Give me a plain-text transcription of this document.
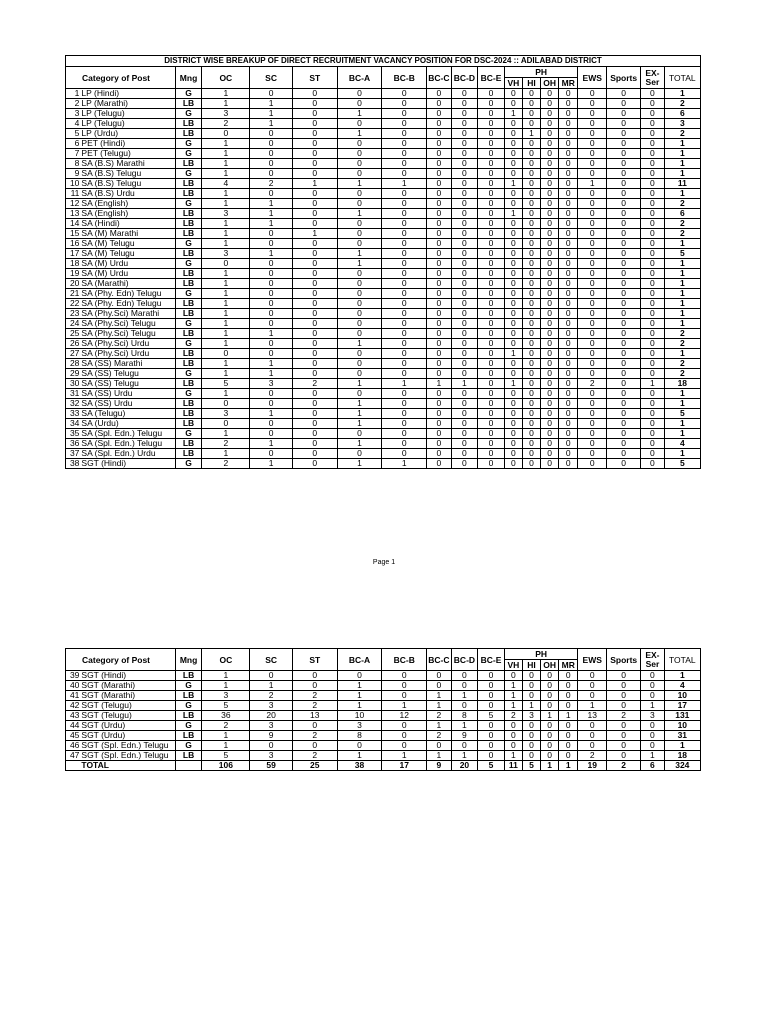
DISTRICT WISE BREAKUP OF DIRECT RECRUITMENT VACANCY POSITION FOR DSC-2024 :: ADILABAD DISTRICT																		
Category of Post		Mng	OC	SC	ST	BC-A	BC-B	BC-C	BC-D	BC-E	PH				EWS	Sports	EX-Ser	TOTAL
											VH	HI	OH	MR				
1	LP (Hindi)	G	1	0	0	0	0	0	0	0	0	0	0	0	0	0	0	1
2	LP (Marathi)	LB	1	1	0	0	0	0	0	0	0	0	0	0	0	0	0	2
3	LP (Telugu)	G	3	1	0	1	0	0	0	0	1	0	0	0	0	0	0	6
4	LP (Telugu)	LB	2	1	0	0	0	0	0	0	0	0	0	0	0	0	0	3
5	LP (Urdu)	LB	0	0	0	1	0	0	0	0	0	1	0	0	0	0	0	2
6	PET (Hindi)	G	1	0	0	0	0	0	0	0	0	0	0	0	0	0	0	1
7	PET (Telugu)	G	1	0	0	0	0	0	0	0	0	0	0	0	0	0	0	1
8	SA (B.S) Marathi	LB	1	0	0	0	0	0	0	0	0	0	0	0	0	0	0	1
9	SA (B.S) Telugu	G	1	0	0	0	0	0	0	0	0	0	0	0	0	0	0	1
10	SA (B.S) Telugu	LB	4	2	1	1	1	0	0	0	1	0	0	0	1	0	0	11
11	SA (B.S) Urdu	LB	1	0	0	0	0	0	0	0	0	0	0	0	0	0	0	1
12	SA (English)	G	1	1	0	0	0	0	0	0	0	0	0	0	0	0	0	2
13	SA (English)	LB	3	1	0	1	0	0	0	0	1	0	0	0	0	0	0	6
14	SA (Hindi)	LB	1	1	0	0	0	0	0	0	0	0	0	0	0	0	0	2
15	SA (M) Marathi	LB	1	0	1	0	0	0	0	0	0	0	0	0	0	0	0	2
16	SA (M) Telugu	G	1	0	0	0	0	0	0	0	0	0	0	0	0	0	0	1
17	SA (M) Telugu	LB	3	1	0	1	0	0	0	0	0	0	0	0	0	0	0	5
18	SA (M) Urdu	G	0	0	0	1	0	0	0	0	0	0	0	0	0	0	0	1
19	SA (M) Urdu	LB	1	0	0	0	0	0	0	0	0	0	0	0	0	0	0	1
20	SA (Marathi)	LB	1	0	0	0	0	0	0	0	0	0	0	0	0	0	0	1
21	SA (Phy. Edn) Telugu	G	1	0	0	0	0	0	0	0	0	0	0	0	0	0	0	1
22	SA (Phy. Edn) Telugu	LB	1	0	0	0	0	0	0	0	0	0	0	0	0	0	0	1
23	SA (Phy.Sci) Marathi	LB	1	0	0	0	0	0	0	0	0	0	0	0	0	0	0	1
24	SA (Phy.Sci) Telugu	G	1	0	0	0	0	0	0	0	0	0	0	0	0	0	0	1
25	SA (Phy.Sci) Telugu	LB	1	1	0	0	0	0	0	0	0	0	0	0	0	0	0	2
26	SA (Phy.Sci) Urdu	G	1	0	0	1	0	0	0	0	0	0	0	0	0	0	0	2
27	SA (Phy.Sci) Urdu	LB	0	0	0	0	0	0	0	0	1	0	0	0	0	0	0	1
28	SA (SS) Marathi	LB	1	1	0	0	0	0	0	0	0	0	0	0	0	0	0	2
29	SA (SS) Telugu	G	1	1	0	0	0	0	0	0	0	0	0	0	0	0	0	2
30	SA (SS) Telugu	LB	5	3	2	1	1	1	1	0	1	0	0	0	2	0	1	18
31	SA (SS) Urdu	G	1	0	0	0	0	0	0	0	0	0	0	0	0	0	0	1
32	SA (SS) Urdu	LB	0	0	0	1	0	0	0	0	0	0	0	0	0	0	0	1
33	SA (Telugu)	LB	3	1	0	1	0	0	0	0	0	0	0	0	0	0	0	5
34	SA (Urdu)	LB	0	0	0	1	0	0	0	0	0	0	0	0	0	0	0	1
35	SA (Spl. Edn.) Telugu	G	1	0	0	0	0	0	0	0	0	0	0	0	0	0	0	1
36	SA (Spl. Edn.) Telugu	LB	2	1	0	1	0	0	0	0	0	0	0	0	0	0	0	4
37	SA (Spl. Edn.) Urdu	LB	1	0	0	0	0	0	0	0	0	0	0	0	0	0	0	1
38	SGT (Hindi)	G	2	1	0	1	1	0	0	0	0	0	0	0	0	0	0	5
Page 1
Category of Post		Mng	OC	SC	ST	BC-A	BC-B	BC-C	BC-D	BC-E	PH				EWS	Sports	EX-Ser	TOTAL
											VH	HI	OH	MR				
39	SGT (Hindi)	LB	1	0	0	0	0	0	0	0	0	0	0	0	0	0	0	1
40	SGT (Marathi)	G	1	1	0	1	0	0	0	0	1	0	0	0	0	0	0	4
41	SGT (Marathi)	LB	3	2	2	1	0	1	1	0	1	0	0	0	0	0	0	10
42	SGT (Telugu)	G	5	3	2	1	1	1	0	0	1	1	0	0	1	0	1	17
43	SGT (Telugu)	LB	36	20	13	10	12	2	8	5	2	3	1	1	13	2	3	131
44	SGT (Urdu)	G	2	3	0	3	0	1	1	0	0	0	0	0	0	0	0	10
45	SGT (Urdu)	LB	1	9	2	8	0	2	9	0	0	0	0	0	0	0	0	31
46	SGT (Spl. Edn.) Telugu	G	1	0	0	0	0	0	0	0	0	0	0	0	0	0	0	1
47	SGT (Spl. Edn.) Telugu	LB	5	3	2	1	1	1	1	0	1	0	0	0	2	0	1	18
	TOTAL		106	59	25	38	17	9	20	5	11	5	1	1	19	2	6	324
